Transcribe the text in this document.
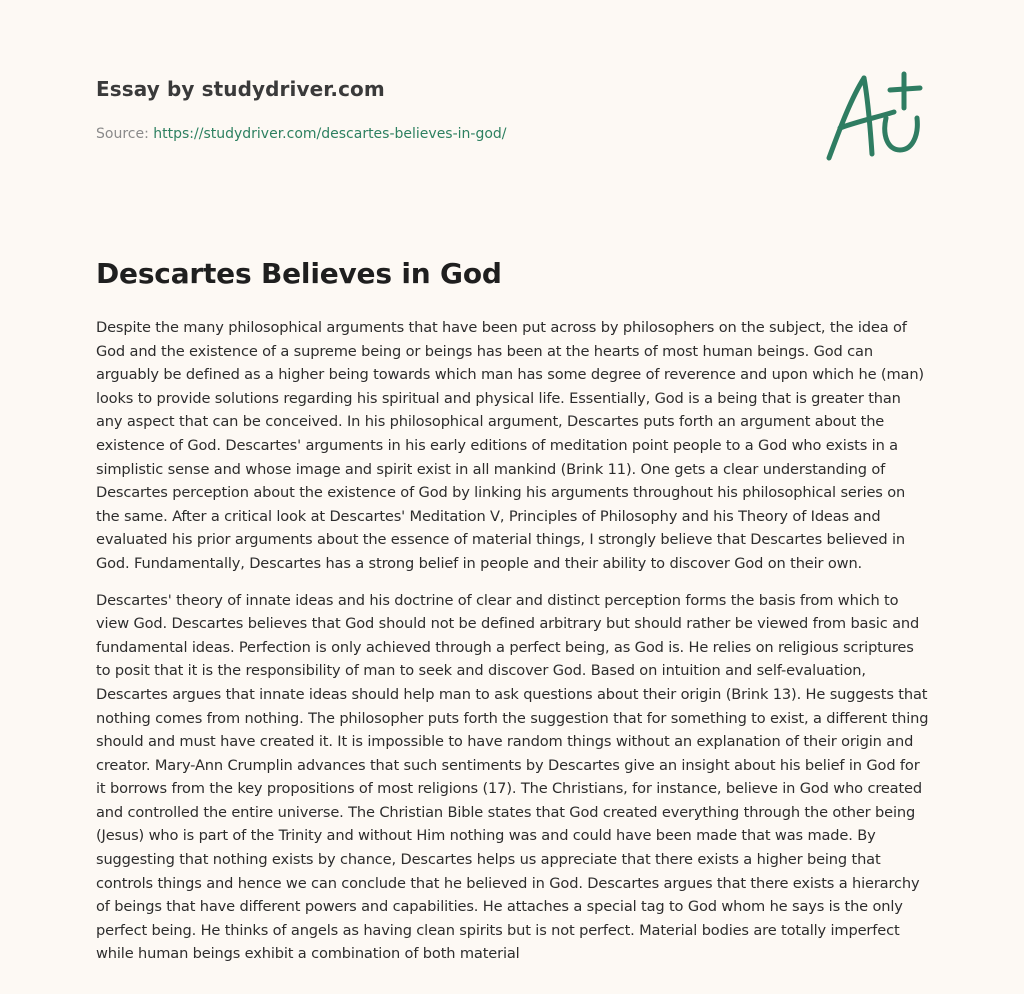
Essay by studydriver.com
Source: https://studydriver.com/descartes-believes-in-god/
Descartes Believes in God

Despite the many philosophical arguments that have been put across by philosophers on the subject, the idea of God and the existence of a supreme being or beings has been at the hearts of most human beings. God can arguably be defined as a higher being towards which man has some degree of reverence and upon which he (man) looks to provide solutions regarding his spiritual and physical life. Essentially, God is a being that is greater than any aspect that can be conceived. In his philosophical argument, Descartes puts forth an argument about the existence of God. Descartes' arguments in his early editions of meditation point people to a God who exists in a simplistic sense and whose image and spirit exist in all mankind (Brink 11). One gets a clear understanding of Descartes perception about the existence of God by linking his arguments throughout his philosophical series on the same. After a critical look at Descartes' Meditation V, Principles of Philosophy and his Theory of Ideas and evaluated his prior arguments about the essence of material things, I strongly believe that Descartes believed in God. Fundamentally, Descartes has a strong belief in people and their ability to discover God on their own.

Descartes' theory of innate ideas and his doctrine of clear and distinct perception forms the basis from which to view God. Descartes believes that God should not be defined arbitrary but should rather be viewed from basic and fundamental ideas. Perfection is only achieved through a perfect being, as God is. He relies on religious scriptures to posit that it is the responsibility of man to seek and discover God. Based on intuition and self-evaluation, Descartes argues that innate ideas should help man to ask questions about their origin (Brink 13). He suggests that nothing comes from nothing. The philosopher puts forth the suggestion that for something to exist, a different thing should and must have created it. It is impossible to have random things without an explanation of their origin and creator. Mary-Ann Crumplin advances that such sentiments by Descartes give an insight about his belief in God for it borrows from the key propositions of most religions (17). The Christians, for instance, believe in God who created and controlled the entire universe. The Christian Bible states that God created everything through the other being (Jesus) who is part of the Trinity and without Him nothing was and could have been made that was made. By suggesting that nothing exists by chance, Descartes helps us appreciate that there exists a higher being that controls things and hence we can conclude that he believed in God. Descartes argues that there exists a hierarchy of beings that have different powers and capabilities. He attaches a special tag to God whom he says is the only perfect being. He thinks of angels as having clean spirits but is not perfect. Material bodies are totally imperfect while human beings exhibit a combination of both material
